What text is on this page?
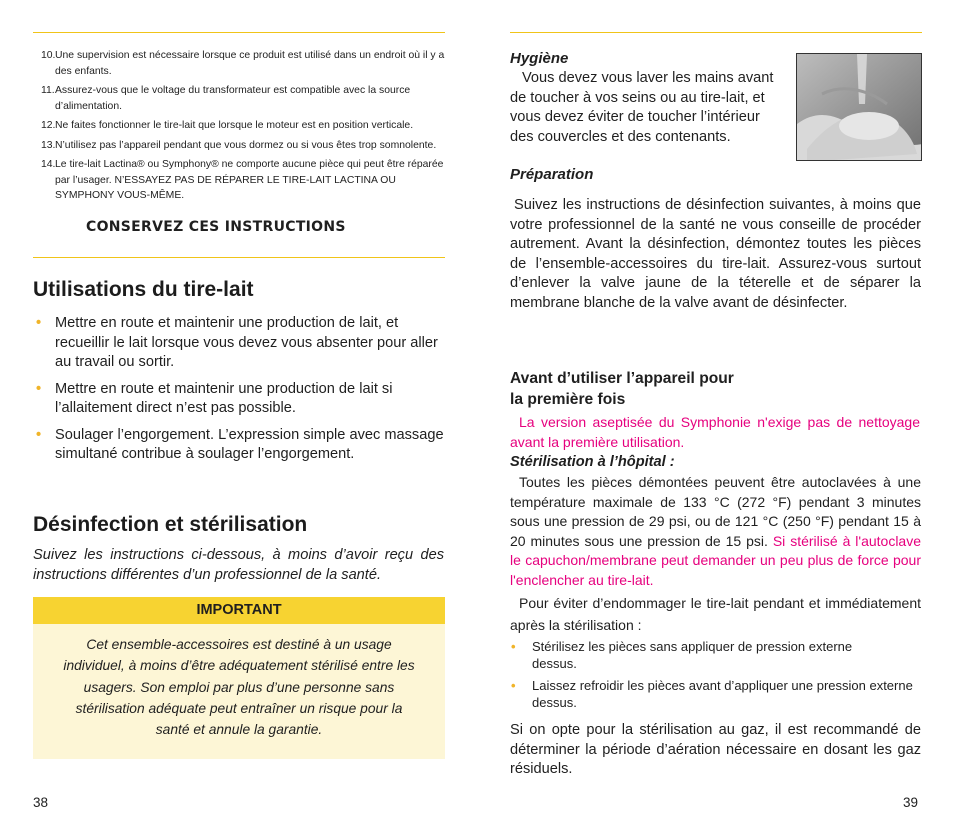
10. Une supervision est nécessaire lorsque ce produit est utilisé dans un endroit où il y a des enfants.
11. Assurez-vous que le voltage du transformateur est compatible avec la source d’alimentation.
12. Ne faites fonctionner le tire-lait que lorsque le moteur est en position verticale.
13. N’utilisez pas l’appareil pendant que vous dormez ou si vous êtes trop somnolente.
14. Le tire-lait Lactina® ou Symphony® ne comporte aucune pièce qui peut être réparée par l’usager. N’ESSAYEZ PAS DE RÉPARER LE TIRE-LAIT LACTINA OU SYMPHONY VOUS-MÊME.
CONSERVEZ CES INSTRUCTIONS
Utilisations du tire-lait
• Mettre en route et maintenir une production de lait, et recueillir le lait lorsque vous devez vous absenter pour aller au travail ou sortir.
• Mettre en route et maintenir une production de lait si l’allaitement direct n’est pas possible.
• Soulager l’engorgement. L’expression simple avec massage simultané contribue à soulager l’engorgement.
Désinfection et stérilisation

Suivez les instructions ci-dessous, à moins d’avoir reçu des instructions différentes d’un professionnel de la santé.

IMPORTANT
Cet ensemble-accessoires est destiné à un usage individuel, à moins d’être adéquatement stérilisé entre les usagers. Son emploi par plus d’une personne sans stérilisation adéquate peut entraîner un risque pour la santé et annule la garantie.
38

Hygiène

Vous devez vous laver les mains avant de toucher à vos seins ou au tire-lait, et vous devez éviter de toucher l’intérieur des couvercles et des contenants.

Préparation

Suivez les instructions de désinfection suivantes, à moins que votre professionnel de la santé ne vous conseille de procéder autrement. Avant la désinfection, démontez toutes les pièces de l’ensemble-accessoires du tire-lait. Assurez-vous surtout d’enlever la valve jaune de la téterelle et de séparer la membrane blanche de la valve avant de désinfecter.

Avant d’utiliser l’appareil pour
la première fois

La version aseptisée du Symphonie n'exige pas de nettoyage avant la première utilisation.

Stérilisation à l’hôpital :

Toutes les pièces démontées peuvent être autoclavées à une température maximale de 133 °C (272 °F) pendant 3 minutes sous une pression de 29 psi, ou de 121 °C (250 °F) pendant 15 à 20 minutes sous une pression de 15 psi. Si stérilisé à l'autoclave le capuchon/membrane peut demander un peu plus de force pour l'enclencher au tire-lait.

Pour éviter d’endommager le tire-lait pendant et immédiatement après la stérilisation :

• Stérilisez les pièces sans appliquer de pression externe dessus.
• Laissez refroidir les pièces avant d’appliquer une pression externe dessus.

Si on opte pour la stérilisation au gaz, il est recommandé de déterminer la période d’aération nécessaire en dosant les gaz résiduels.

39
